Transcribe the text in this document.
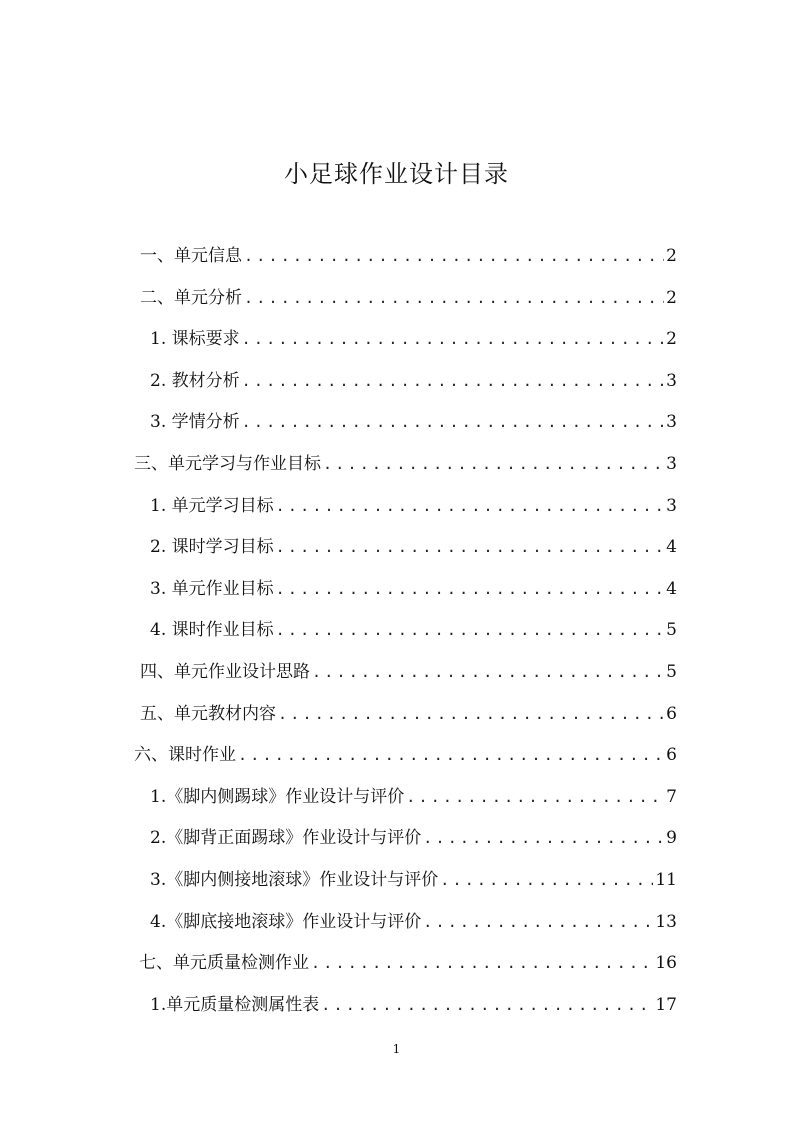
小足球作业设计目录
一、单元信息 .....	2
二、单元分析 .....	2
1. 课标要求 .....	2
2. 教材分析 .....	3
3. 学情分析 .....	3
三、单元学习与作业目标 .....	3
1. 单元学习目标 .....	3
2. 课时学习目标 .....	4
3. 单元作业目标 .....	4
4. 课时作业目标 .....	5
四、单元作业设计思路 .....	5
五、单元教材内容 .....	6
六、课时作业 .....	6
1.《脚内侧踢球》作业设计与评价 .....	7
2.《脚背正面踢球》作业设计与评价 .....	9
3.《脚内侧接地滚球》作业设计与评价 .....	11
4.《脚底接地滚球》作业设计与评价 .....	13
七、单元质量检测作业 .....	16
1.单元质量检测属性表 .....	17
1
